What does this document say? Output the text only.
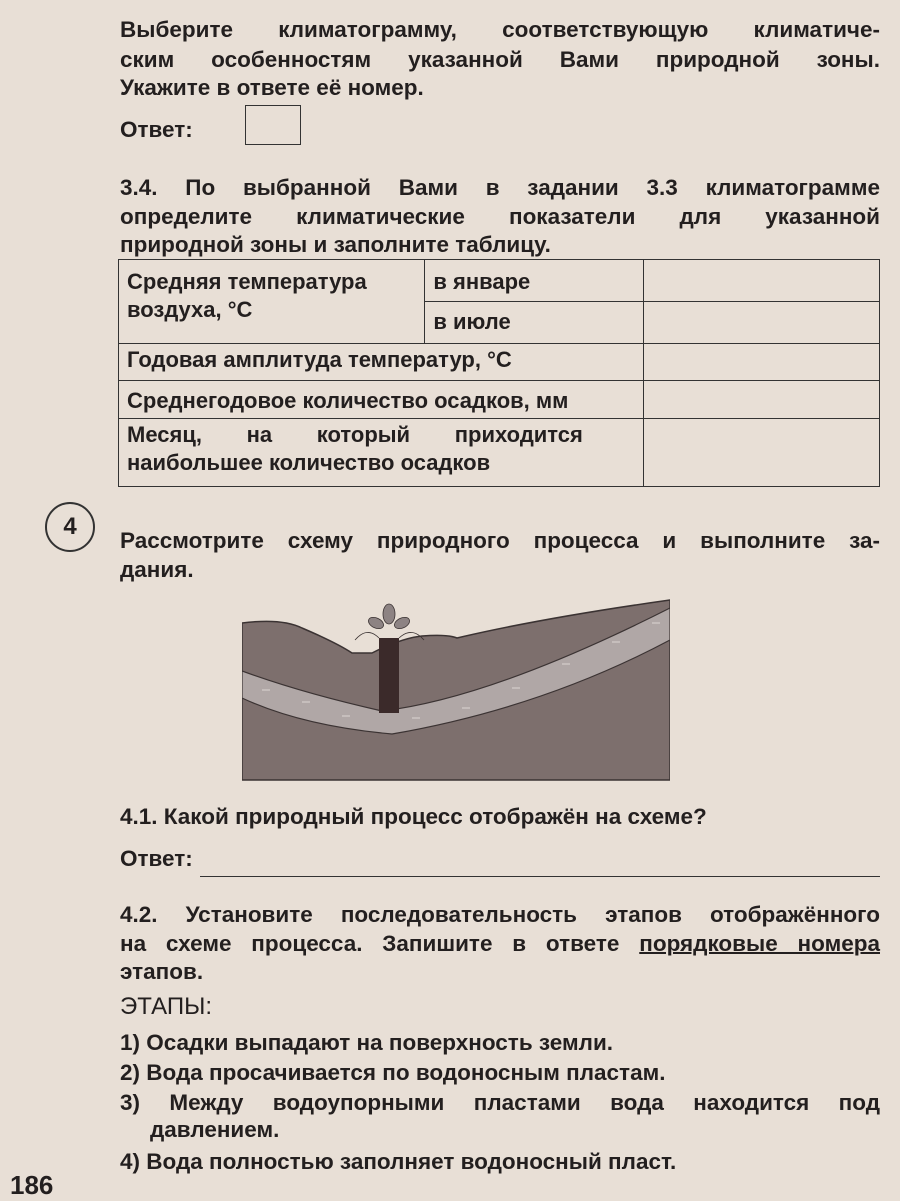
Выберите климатограмму, соответствующую климатиче-
ским особенностям указанной Вами природной зоны.
Укажите в ответе её номер.
Ответ:
3.4. По выбранной Вами в задании 3.3 климатограмме
определите климатические показатели для указанной
природной зоны и заполните таблицу.
Средняя температура воздуха, °С	в январе	
	в июле	
Годовая амплитуда температур, °С		
Среднегодовое количество осадков, мм		
Месяц, на который приходится наибольшее количество осадков		
4
Рассмотрите схему природного процесса и выполните за-
дания.
4.1. Какой природный процесс отображён на схеме?
Ответ:
4.2. Установите последовательность этапов отображённого
на схеме процесса. Запишите в ответе порядковые номера
этапов.
ЭТАПЫ:
1) Осадки выпадают на поверхность земли.
2) Вода просачивается по водоносным пластам.
3) Между водоупорными пластами вода находится под
давлением.
4) Вода полностью заполняет водоносный пласт.
186
